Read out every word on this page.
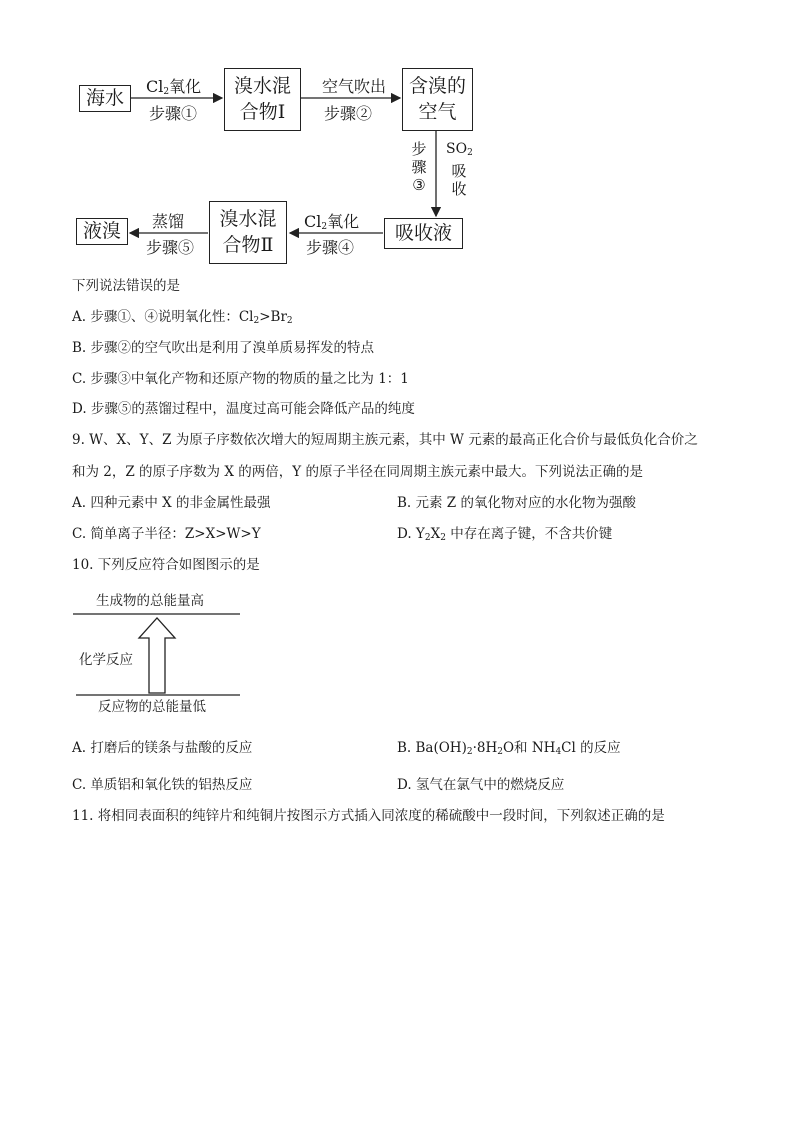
海水
$Cl_2$氧化
步骤①
溴水混
合物Ⅰ
空气吹出
步骤②
含溴的
空气
步
骤
③
$SO_2$
吸
收
吸收液
$Cl_2$氧化
步骤④
溴水混
合物Ⅱ
蒸馏
步骤⑤
液溴
下列说法错误的是
A. 步骤①、④说明氧化性：$Cl_2>Br_2$
B. 步骤②的空气吹出是利用了溴单质易挥发的特点
C. 步骤③中氧化产物和还原产物的物质的量之比为 1：1
D. 步骤⑤的蒸馏过程中，温度过高可能会降低产品的纯度
9. W、X、Y、Z 为原子序数依次增大的短周期主族元素，其中 W 元素的最高正化合价与最低负化合价之
和为 2，Z 的原子序数为 X 的两倍，Y 的原子半径在同周期主族元素中最大。下列说法正确的是
A. 四种元素中 X 的非金属性最强	B. 元素 Z 的氧化物对应的水化物为强酸
C. 简单离子半径：Z>X>W>Y	D. $Y_2X_2$ 中存在离子键，不含共价键
10. 下列反应符合如图图示的是
生成物的总能量高
化学反应
反应物的总能量低
A. 打磨后的镁条与盐酸的反应	B. $Ba(OH)_2\cdot 8H_2O$和 $NH_4Cl$ 的反应
C. 单质铝和氧化铁的铝热反应	D. 氢气在氯气中的燃烧反应
11. 将相同表面积的纯锌片和纯铜片按图示方式插入同浓度的稀硫酸中一段时间，下列叙述正确的是
